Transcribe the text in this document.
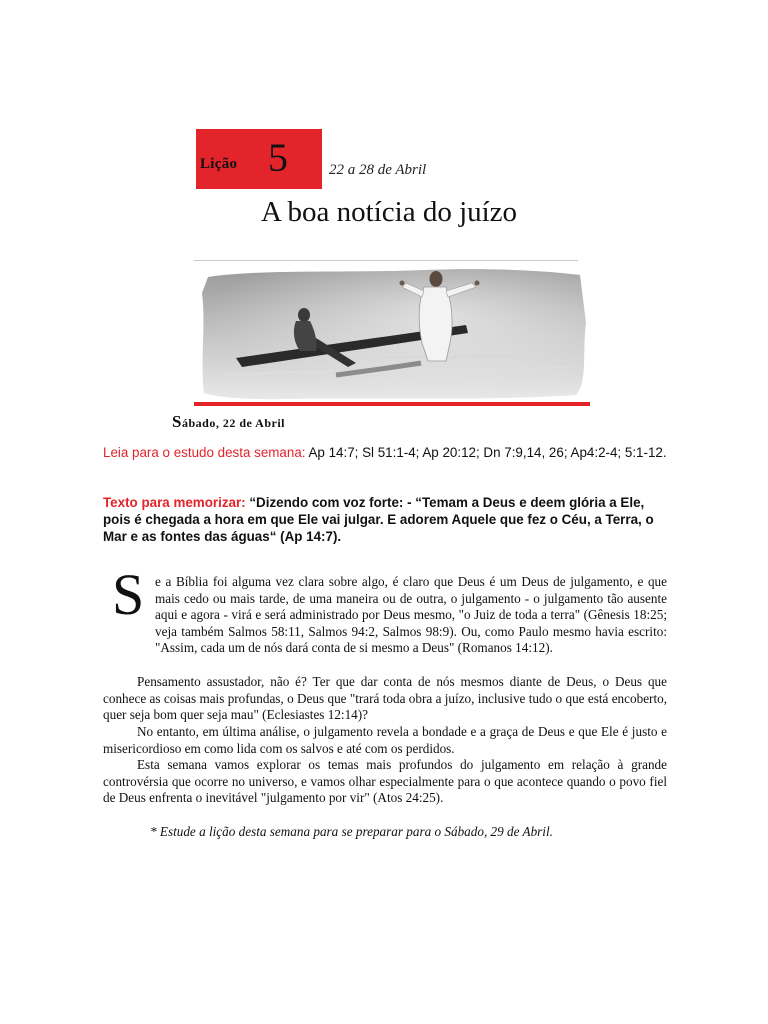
Lição 5	22 a 28 de Abril
A boa notícia do juízo
Sábado, 22 de Abril
Leia para o estudo desta semana: Ap 14:7; Sl 51:1-4; Ap 20:12; Dn 7:9,14, 26; Ap4:2-4; 5:1-12.
Texto para memorizar: “Dizendo com voz forte: - “Temam a Deus e deem glória a Ele, pois é chegada a hora em que Ele vai julgar. E adorem Aquele que fez o Céu, a Terra, o Mar e as fontes das águas“ (Ap 14:7).
S e a Bíblia foi alguma vez clara sobre algo, é claro que Deus é um Deus de julgamento, e que mais cedo ou mais tarde, de uma maneira ou de outra, o julgamento - o julgamento tão ausente aqui e agora - virá e será administrado por Deus mesmo, "o Juiz de toda a terra" (Gênesis 18:25; veja também Salmos 58:11, Salmos 94:2, Salmos 98:9). Ou, como Paulo mesmo havia escrito: "Assim, cada um de nós dará conta de si mesmo a Deus" (Romanos 14:12).
Pensamento assustador, não é? Ter que dar conta de nós mesmos diante de Deus, o Deus que conhece as coisas mais profundas, o Deus que "trará toda obra a juízo, inclusive tudo o que está encoberto, quer seja bom quer seja mau" (Eclesiastes 12:14)?
No entanto, em última análise, o julgamento revela a bondade e a graça de Deus e que Ele é justo e misericordioso em como lida com os salvos e até com os perdidos.
Esta semana vamos explorar os temas mais profundos do julgamento em relação à grande controvérsia que ocorre no universo, e vamos olhar especialmente para o que acontece quando o povo fiel de Deus enfrenta o inevitável "julgamento por vir" (Atos 24:25).
* Estude a lição desta semana para se preparar para o Sábado, 29 de Abril.
